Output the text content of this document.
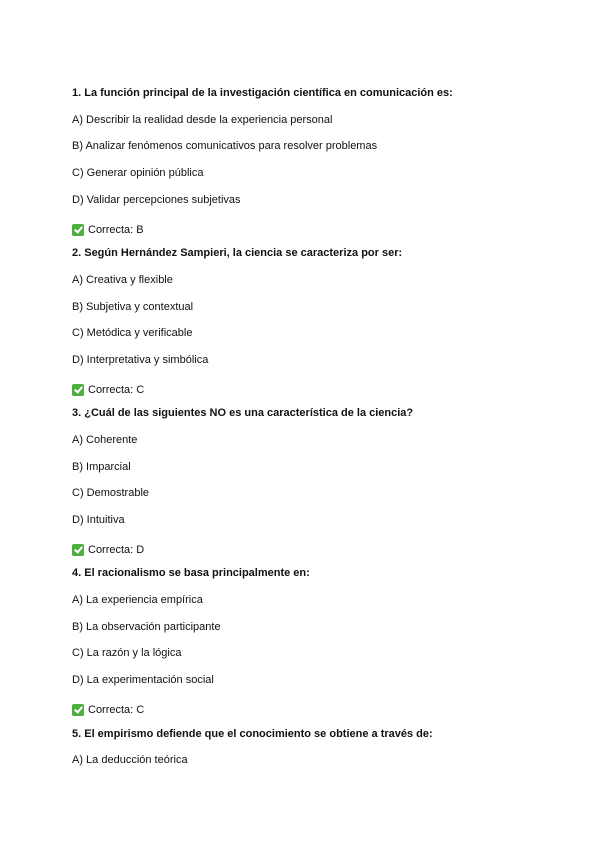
1. La función principal de la investigación científica en comunicación es:
A) Describir la realidad desde la experiencia personal
B) Analizar fenómenos comunicativos para resolver problemas
C) Generar opinión pública
D) Validar percepciones subjetivas
Correcta: B
2. Según Hernández Sampieri, la ciencia se caracteriza por ser:
A) Creativa y flexible
B) Subjetiva y contextual
C) Metódica y verificable
D) Interpretativa y simbólica
Correcta: C
3. ¿Cuál de las siguientes NO es una característica de la ciencia?
A) Coherente
B) Imparcial
C) Demostrable
D) Intuitiva
Correcta: D
4. El racionalismo se basa principalmente en:
A) La experiencia empírica
B) La observación participante
C) La razón y la lógica
D) La experimentación social
Correcta: C
5. El empirismo defiende que el conocimiento se obtiene a través de:
A) La deducción teórica
